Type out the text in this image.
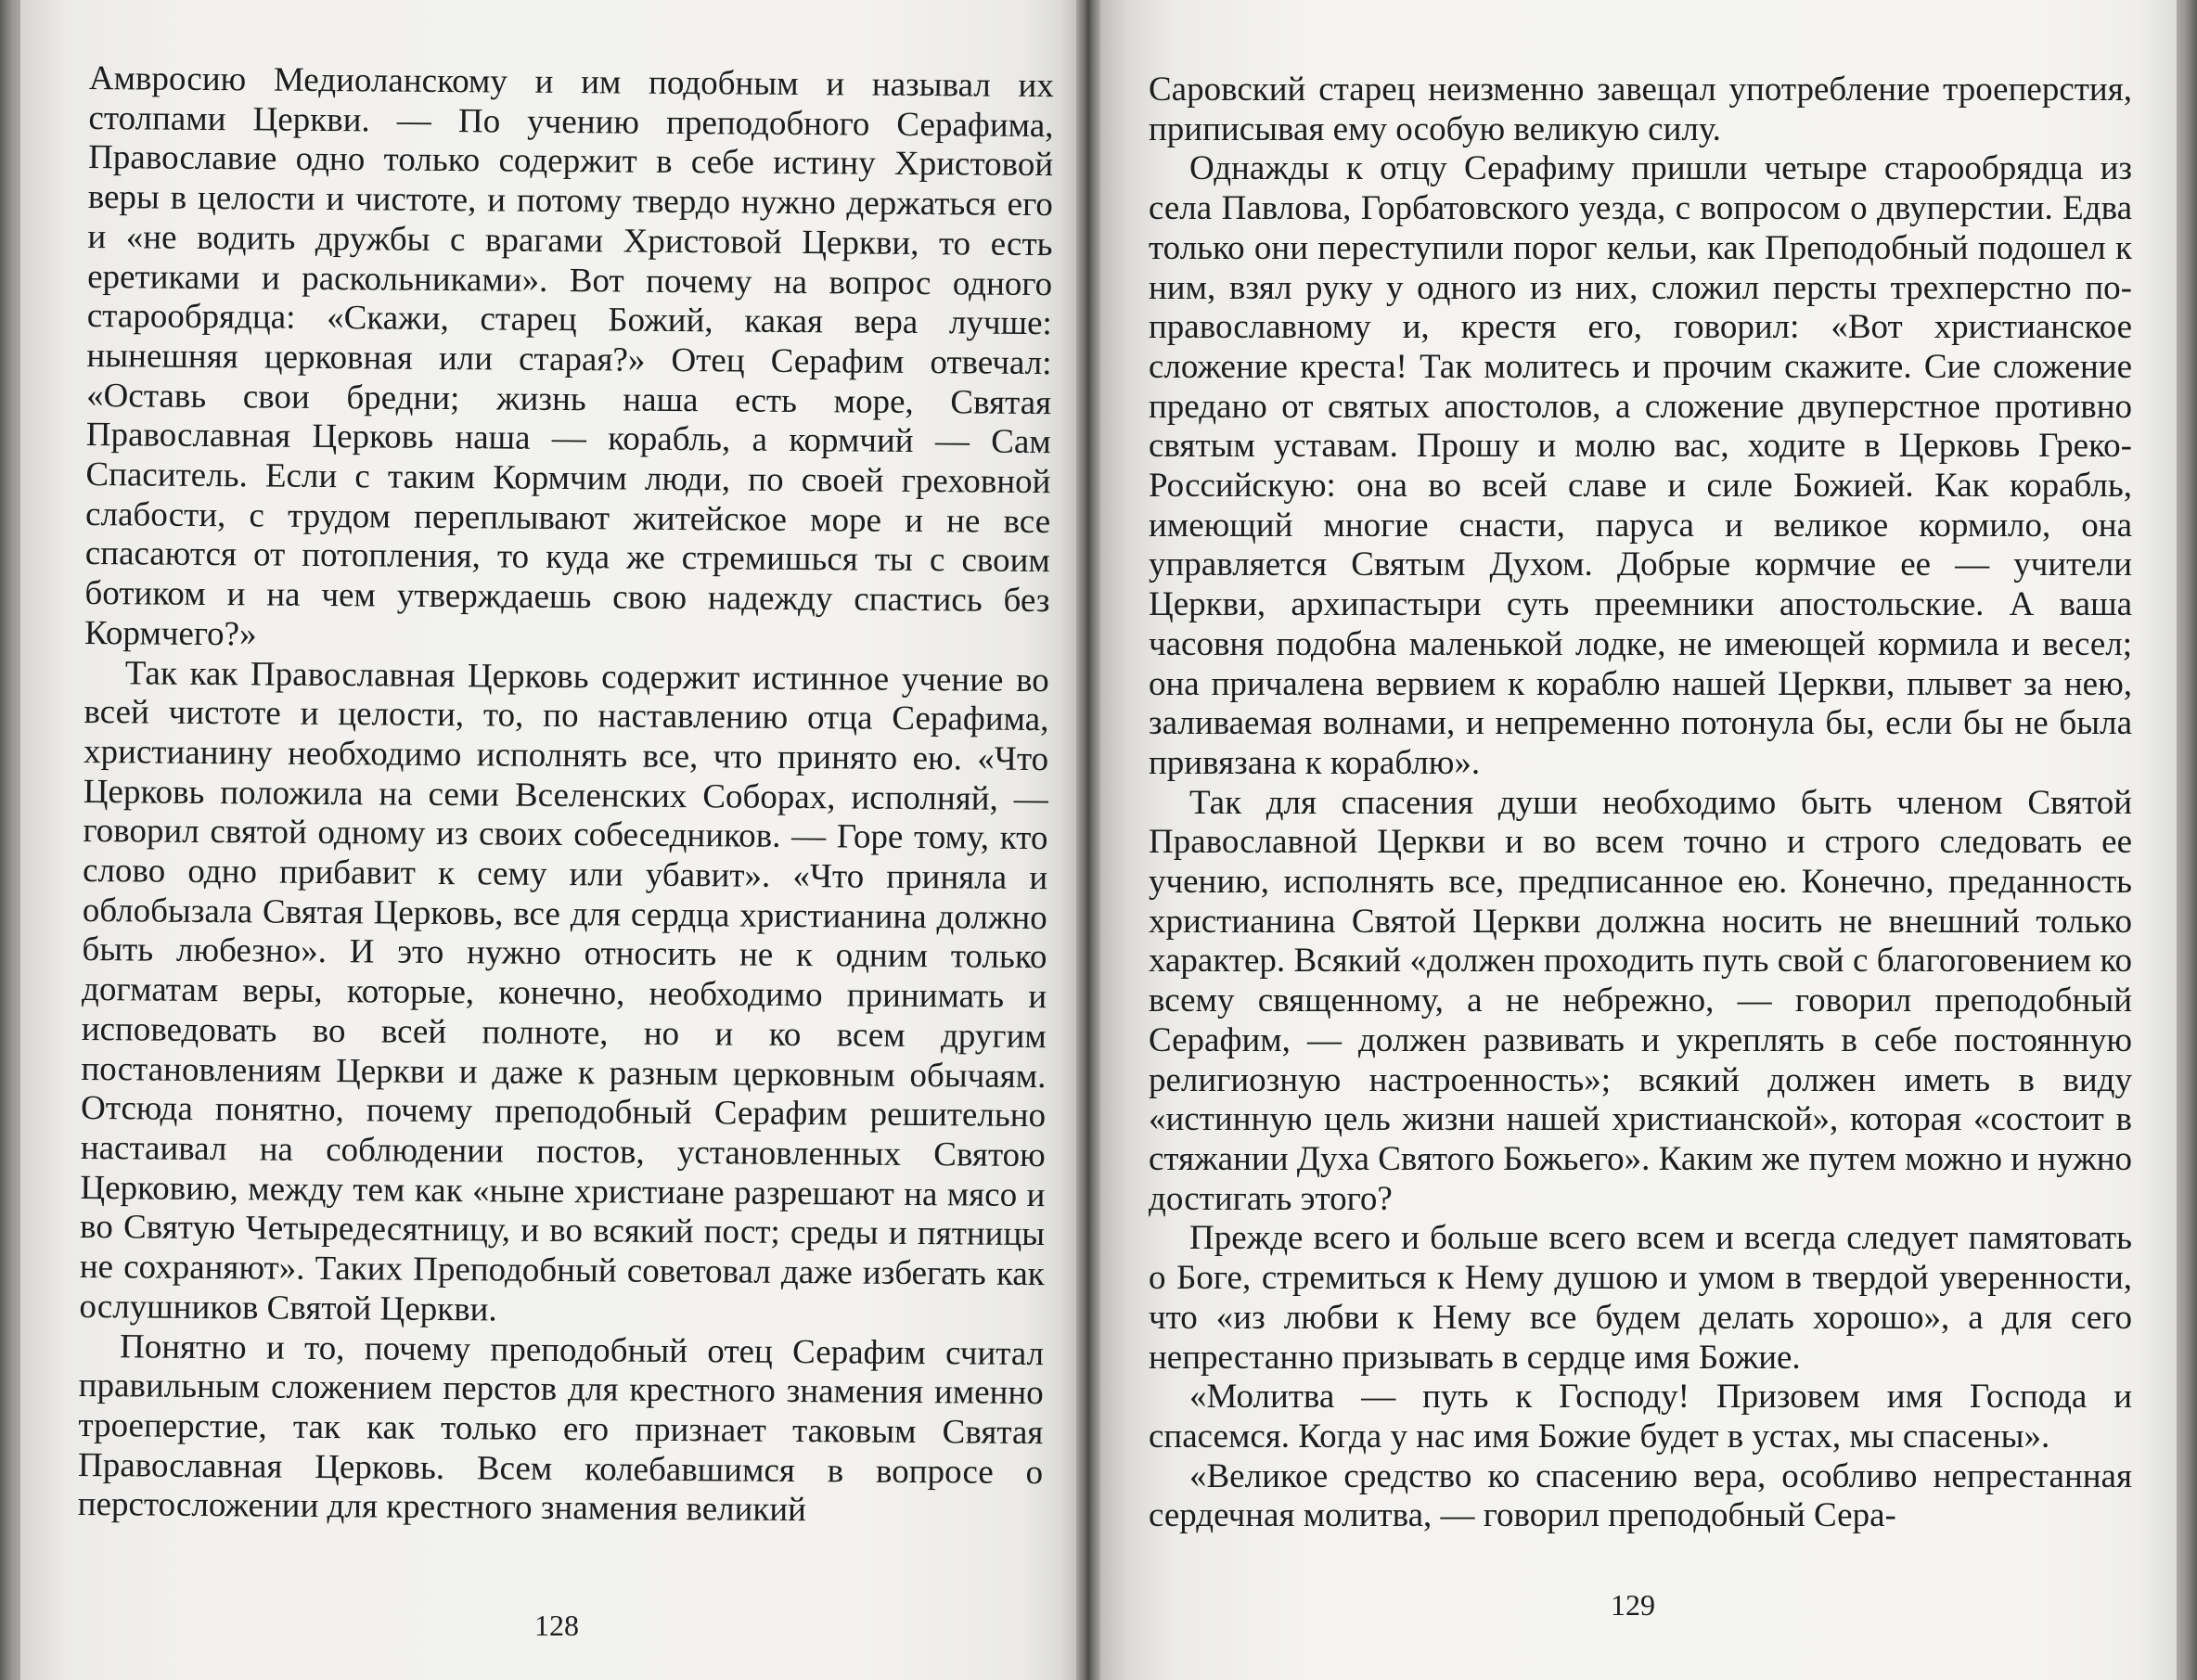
Амвросию Медиоланскому и им подобным и называл их столпами Церкви. — По учению преподобного Серафима, Православие одно только содержит в себе истину Христовой веры в целости и чистоте, и потому твердо нужно держаться его и «не водить дружбы с врагами Христовой Церкви, то есть еретиками и раскольниками». Вот почему на вопрос одного старообрядца: «Скажи, старец Божий, какая вера лучше: нынешняя церковная или старая?» Отец Серафим отвечал: «Оставь свои бредни; жизнь наша есть море, Святая Православная Церковь наша — корабль, а кормчий — Сам Спаситель. Если с таким Кормчим люди, по своей греховной слабости, с трудом переплывают житейское море и не все спасаются от потопления, то куда же стремишься ты с своим ботиком и на чем утверждаешь свою надежду спастись без Кормчего?»

Так как Православная Церковь содержит истинное учение во всей чистоте и целости, то, по наставлению отца Серафима, христианину необходимо исполнять все, что принято ею. «Что Церковь положила на семи Вселенских Соборах, исполняй, — говорил святой одному из своих собеседников. — Горе тому, кто слово одно прибавит к сему или убавит». «Что приняла и облобызала Святая Церковь, все для сердца христианина должно быть любезно». И это нужно относить не к одним только догматам веры, которые, конечно, необходимо принимать и исповедовать во всей полноте, но и ко всем другим постановлениям Церкви и даже к разным церковным обычаям. Отсюда понятно, почему преподобный Серафим решительно настаивал на соблюдении постов, установленных Святою Церковию, между тем как «ныне христиане разрешают на мясо и во Святую Четыредесятницу, и во всякий пост; среды и пятницы не сохраняют». Таких Преподобный советовал даже избегать как ослушников Святой Церкви.

Понятно и то, почему преподобный отец Серафим считал правильным сложением перстов для крестного знамения именно троеперстие, так как только его признает таковым Святая Православная Церковь. Всем колебавшимся в вопросе о перстосложении для крестного знамения великий

128

Саровский старец неизменно завещал употребление троеперстия, приписывая ему особую великую силу.

Однажды к отцу Серафиму пришли четыре старообрядца из села Павлова, Горбатовского уезда, с вопросом о двуперстии. Едва только они переступили порог кельи, как Преподобный подошел к ним, взял руку у одного из них, сложил персты трехперстно по-православному и, крестя его, говорил: «Вот христианское сложение креста! Так молитесь и прочим скажите. Сие сложение предано от святых апостолов, а сложение двуперстное противно святым уставам. Прошу и молю вас, ходите в Церковь Греко-Российскую: она во всей славе и силе Божией. Как корабль, имеющий многие снасти, паруса и великое кормило, она управляется Святым Духом. Добрые кормчие ее — учители Церкви, архипастыри суть преемники апостольские. А ваша часовня подобна маленькой лодке, не имеющей кормила и весел; она причалена вервием к кораблю нашей Церкви, плывет за нею, заливаемая волнами, и непременно потонула бы, если бы не была привязана к кораблю».

Так для спасения души необходимо быть членом Святой Православной Церкви и во всем точно и строго следовать ее учению, исполнять все, предписанное ею. Конечно, преданность христианина Святой Церкви должна носить не внешний только характер. Всякий «должен проходить путь свой с благоговением ко всему священному, а не небрежно, — говорил преподобный Серафим, — должен развивать и укреплять в себе постоянную религиозную настроенность»; всякий должен иметь в виду «истинную цель жизни нашей христианской», которая «состоит в стяжании Духа Святого Божьего». Каким же путем можно и нужно достигать этого?

Прежде всего и больше всего всем и всегда следует памятовать о Боге, стремиться к Нему душою и умом в твердой уверенности, что «из любви к Нему все будем делать хорошо», а для сего непрестанно призывать в сердце имя Божие.

«Молитва — путь к Господу! Призовем имя Господа и спасемся. Когда у нас имя Божие будет в устах, мы спасены».

«Великое средство ко спасению вера, особливо непрестанная сердечная молитва, — говорил преподобный Сера-

129
